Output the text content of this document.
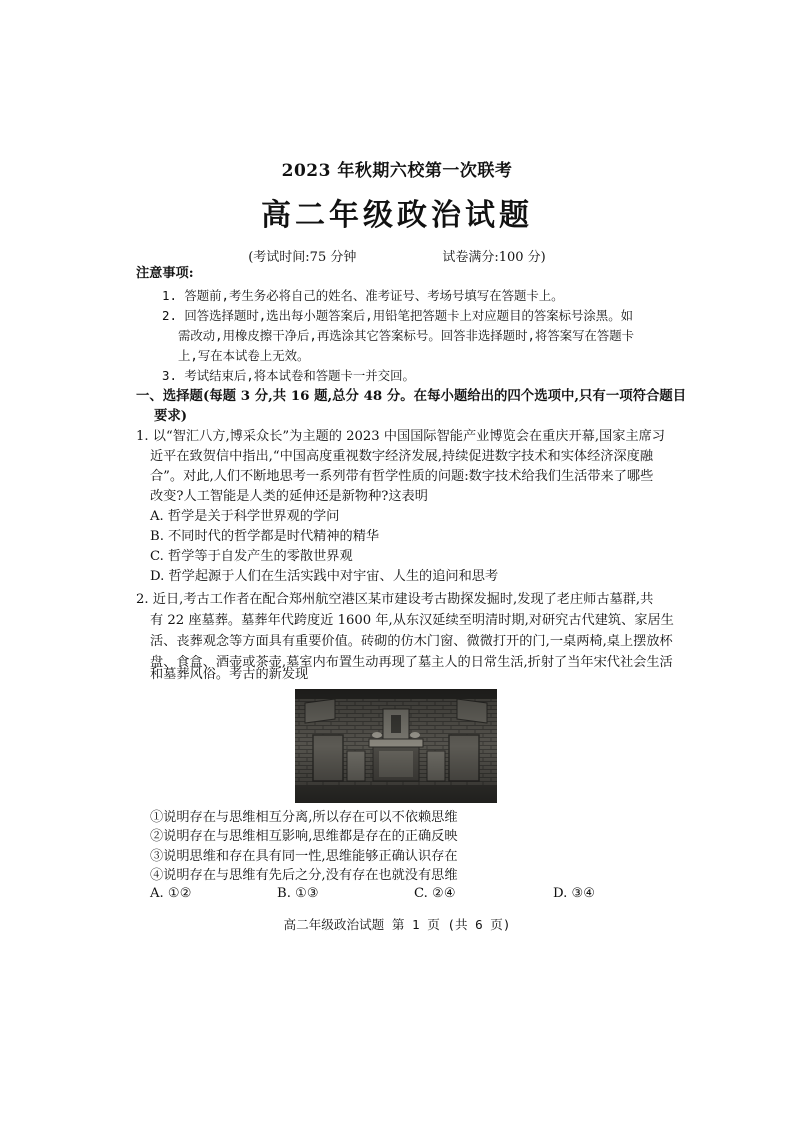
2023 年秋期六校第一次联考
高二年级政治试题
(考试时间:75 分钟	试卷满分:100 分)
注意事项:
1. 答题前,考生务必将自己的姓名、准考证号、考场号填写在答题卡上。
2. 回答选择题时,选出每小题答案后,用铅笔把答题卡上对应题目的答案标号涂黑。如
需改动,用橡皮擦干净后,再选涂其它答案标号。回答非选择题时,将答案写在答题卡
上,写在本试卷上无效。
3. 考试结束后,将本试卷和答题卡一并交回。
一、选择题(每题 3 分,共 16 题,总分 48 分。在每小题给出的四个选项中,只有一项符合题目
要求)
1. 以“智汇八方,博采众长”为主题的 2023 中国国际智能产业博览会在重庆开幕,国家主席习
近平在致贺信中指出,“中国高度重视数字经济发展,持续促进数字技术和实体经济深度融
合”。对此,人们不断地思考一系列带有哲学性质的问题:数字技术给我们生活带来了哪些
改变?人工智能是人类的延伸还是新物种?这表明
A. 哲学是关于科学世界观的学问
B. 不同时代的哲学都是时代精神的精华
C. 哲学等于自发产生的零散世界观
D. 哲学起源于人们在生活实践中对宇宙、人生的追问和思考
2. 近日,考古工作者在配合郑州航空港区某市建设考古勘探发掘时,发现了老庄师古墓群,共
有 22 座墓葬。墓葬年代跨度近 1600 年,从东汉延续至明清时期,对研究古代建筑、家居生
活、丧葬观念等方面具有重要价值。砖砌的仿木门窗、微微打开的门,一桌两椅,桌上摆放杯
盘、食盒、酒壶或茶壶,墓室内布置生动再现了墓主人的日常生活,折射了当年宋代社会生活
和墓葬风俗。考古的新发现
①说明存在与思维相互分离,所以存在可以不依赖思维
②说明存在与思维相互影响,思维都是存在的正确反映
③说明思维和存在具有同一性,思维能够正确认识存在
④说明存在与思维有先后之分,没有存在也就没有思维
A. ①②	B. ①③	C. ②④	D. ③④
高二年级政治试题 第 1 页 (共 6 页)
